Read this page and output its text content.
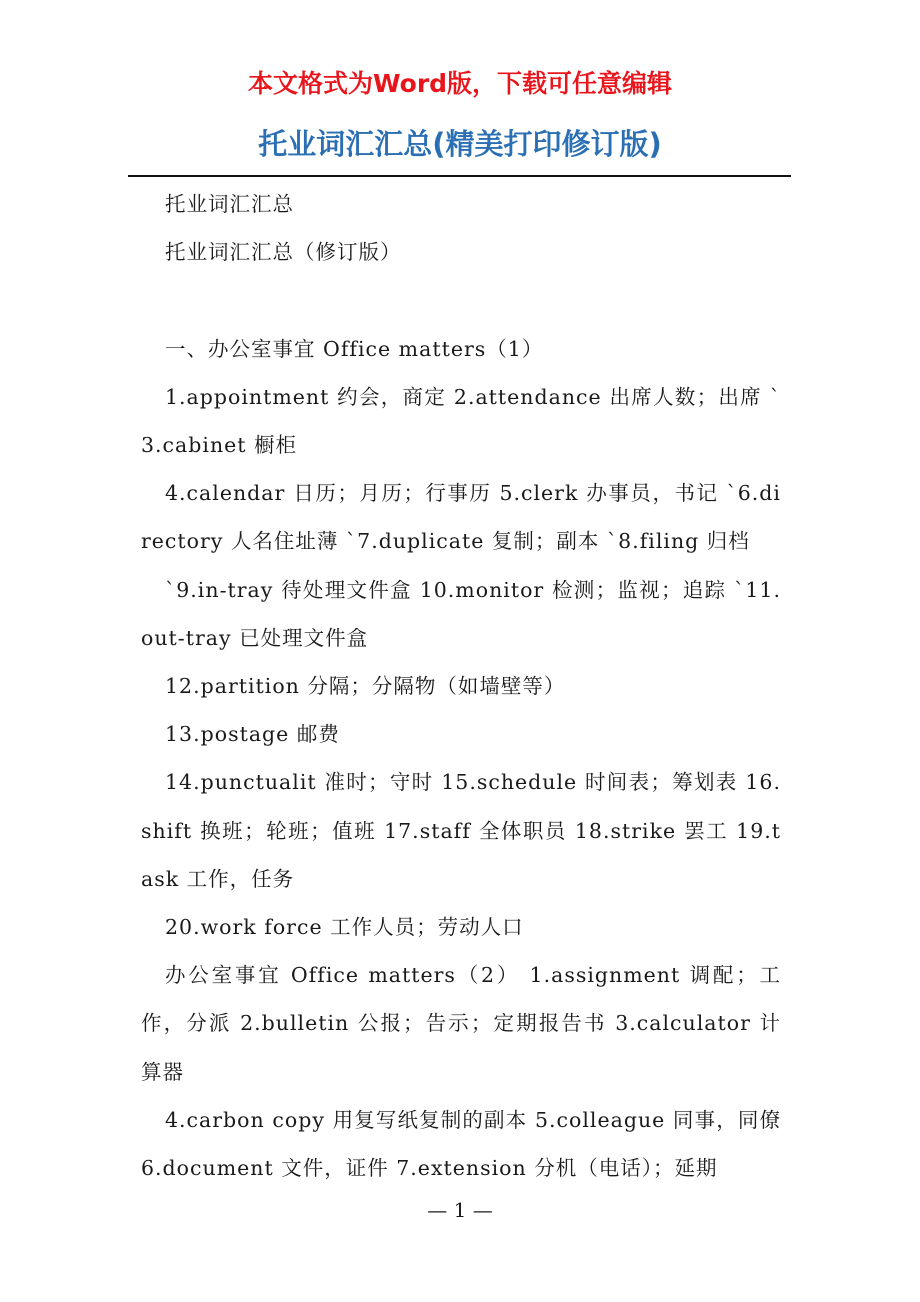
本文格式为Word版，下载可任意编辑
托业词汇汇总(精美打印修订版)

托业词汇汇总

托业词汇汇总（修订版）

一、办公室事宜 Office matters（1）

1.appointment 约会，商定 2.attendance 出席人数；出席 `3.cabinet 橱柜

4.calendar 日历；月历；行事历 5.clerk 办事员，书记 `6.directory 人名住址薄 `7.duplicate 复制；副本 `8.filing 归档

`9.in-tray 待处理文件盒 10.monitor 检测；监视；追踪 `11.out-tray 已处理文件盒

12.partition 分隔；分隔物（如墙壁等）

13.postage 邮费

14.punctualit 准时；守时 15.schedule 时间表；筹划表 16.shift 换班；轮班；值班 17.staff 全体职员 18.strike 罢工 19.task 工作，任务

20.work force 工作人员；劳动人口

办公室事宜 Office matters（2） 1.assignment 调配；工作，分派 2.bulletin 公报；告示；定期报告书 3.calculator 计算器

4.carbon copy 用复写纸复制的副本 5.colleague 同事，同僚 6.document 文件，证件 7.extension 分机（电话）；延期

— 1 —
